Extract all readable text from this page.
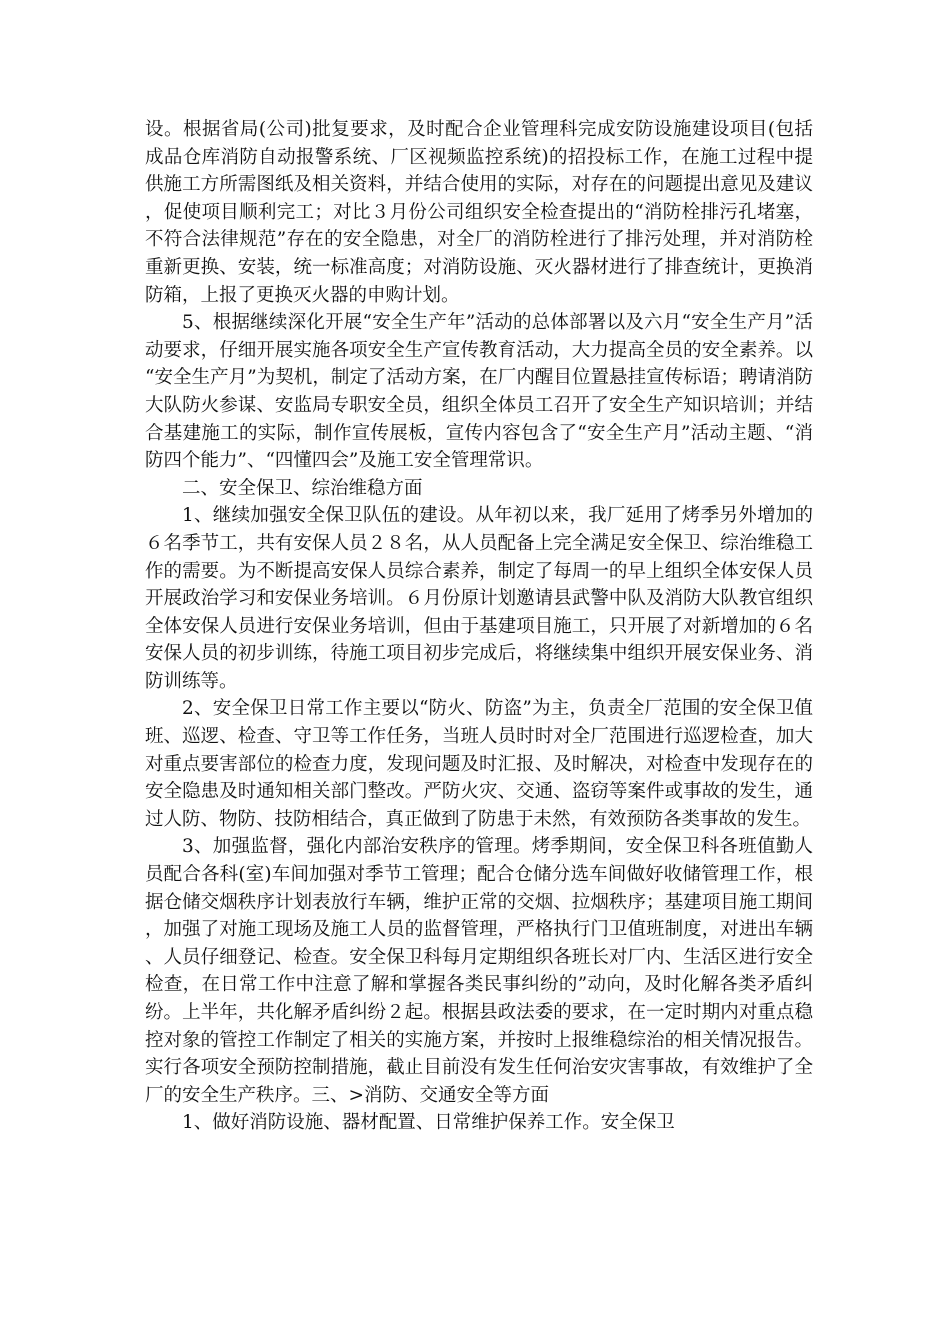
设。根据省局(公司)批复要求，及时配合企业管理科完成安防设施建设项目(包括成品仓库消防自动报警系统、厂区视频监控系统)的招投标工作，在施工过程中提供施工方所需图纸及相关资料，并结合使用的实际，对存在的问题提出意见及建议，促使项目顺利完工；对比３月份公司组织安全检查提出的“消防栓排污孔堵塞，不符合法律规范”存在的安全隐患，对全厂的消防栓进行了排污处理，并对消防栓重新更换、安装，统一标准高度；对消防设施、灭火器材进行了排查统计，更换消防箱，上报了更换灭火器的申购计划。

5、根据继续深化开展“安全生产年”活动的总体部署以及六月“安全生产月”活动要求，仔细开展实施各项安全生产宣传教育活动，大力提高全员的安全素养。以“安全生产月”为契机，制定了活动方案，在厂内醒目位置悬挂宣传标语；聘请消防大队防火参谋、安监局专职安全员，组织全体员工召开了安全生产知识培训；并结合基建施工的实际，制作宣传展板，宣传内容包含了“安全生产月”活动主题、“消防四个能力”、“四懂四会”及施工安全管理常识。

二、安全保卫、综治维稳方面

1、继续加强安全保卫队伍的建设。从年初以来，我厂延用了烤季另外增加的６名季节工，共有安保人员２８名，从人员配备上完全满足安全保卫、综治维稳工作的需要。为不断提高安保人员综合素养，制定了每周一的早上组织全体安保人员开展政治学习和安保业务培训。６月份原计划邀请县武警中队及消防大队教官组织全体安保人员进行安保业务培训，但由于基建项目施工，只开展了对新增加的６名安保人员的初步训练，待施工项目初步完成后，将继续集中组织开展安保业务、消防训练等。

2、安全保卫日常工作主要以“防火、防盗”为主，负责全厂范围的安全保卫值班、巡逻、检查、守卫等工作任务，当班人员时时对全厂范围进行巡逻检查，加大对重点要害部位的检查力度，发现问题及时汇报、及时解决，对检查中发现存在的安全隐患及时通知相关部门整改。严防火灾、交通、盗窃等案件或事故的发生，通过人防、物防、技防相结合，真正做到了防患于未然，有效预防各类事故的发生。

3、加强监督，强化内部治安秩序的管理。烤季期间，安全保卫科各班值勤人员配合各科(室)车间加强对季节工管理；配合仓储分选车间做好收储管理工作，根据仓储交烟秩序计划表放行车辆，维护正常的交烟、拉烟秩序；基建项目施工期间，加强了对施工现场及施工人员的监督管理，严格执行门卫值班制度，对进出车辆、人员仔细登记、检查。安全保卫科每月定期组织各班长对厂内、生活区进行安全检查，在日常工作中注意了解和掌握各类民事纠纷的”动向，及时化解各类矛盾纠纷。上半年，共化解矛盾纠纷２起。根据县政法委的要求，在一定时期内对重点稳控对象的管控工作制定了相关的实施方案，并按时上报维稳综治的相关情况报告。实行各项安全预防控制措施，截止目前没有发生任何治安灾害事故，有效维护了全厂的安全生产秩序。三、>消防、交通安全等方面

1、做好消防设施、器材配置、日常维护保养工作。安全保卫
